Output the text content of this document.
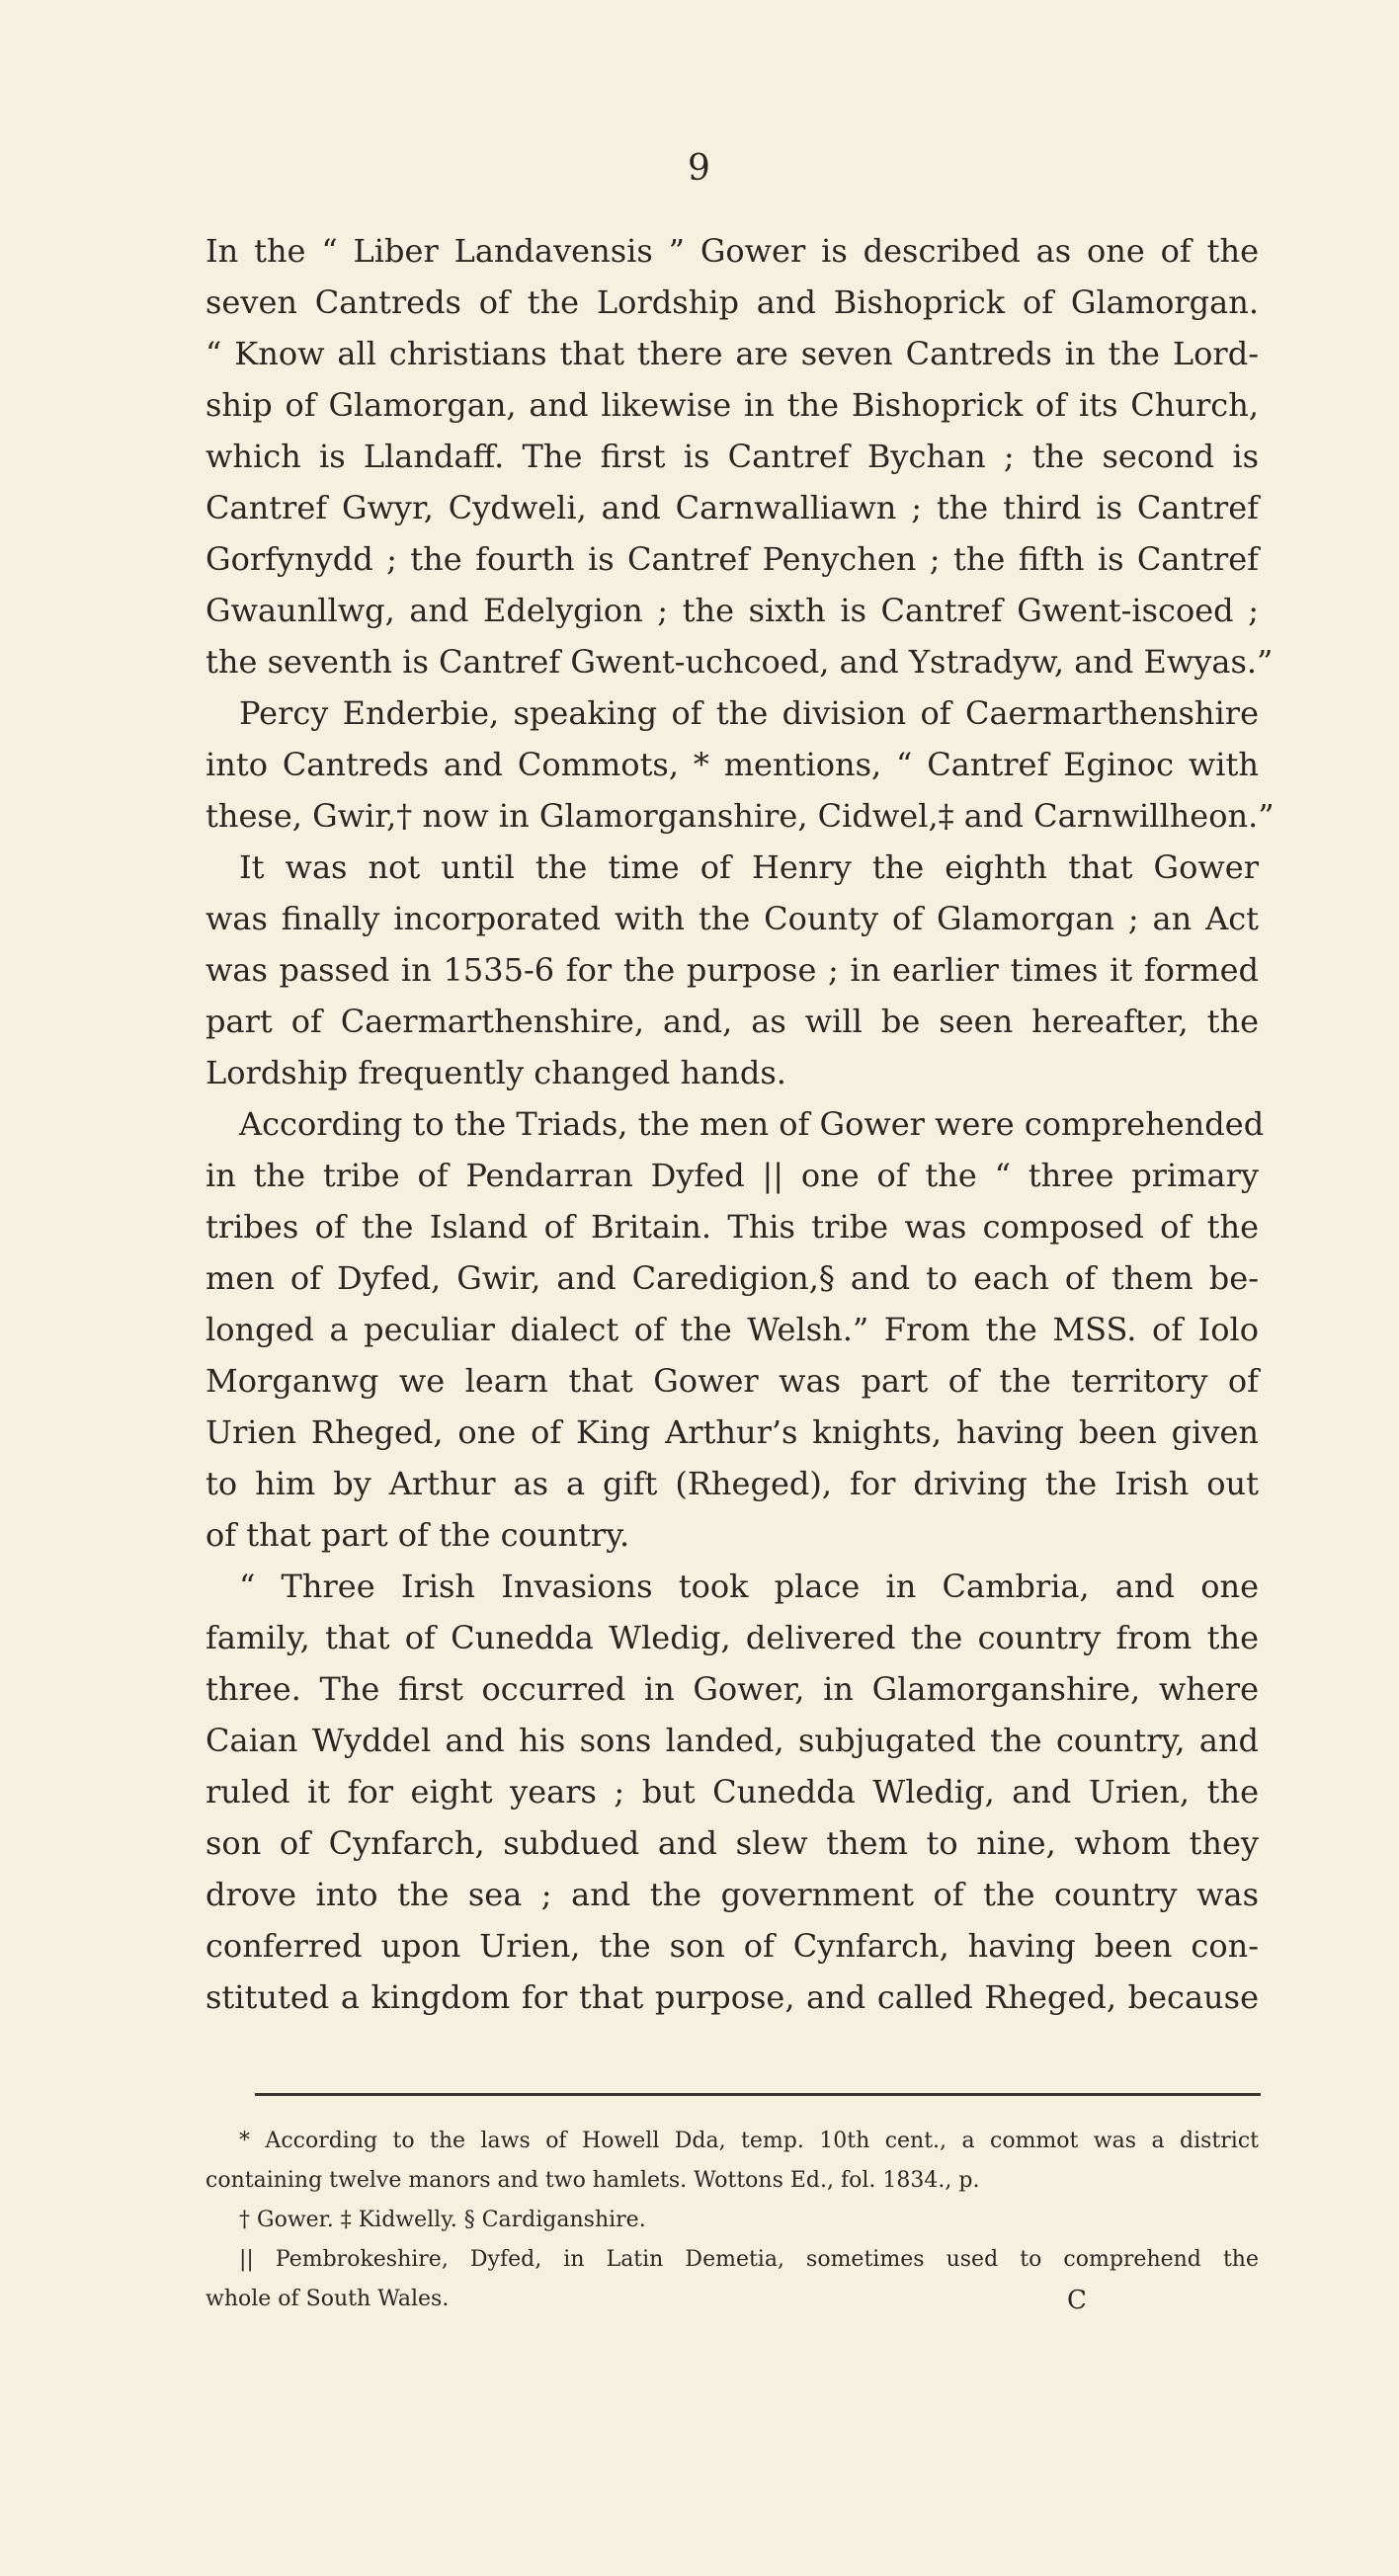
9
In the “ Liber Landavensis ” Gower is described as one of the
seven Cantreds of the Lordship and Bishoprick of Glamorgan.
“ Know all christians that there are seven Cantreds in the Lord-
ship of Glamorgan, and likewise in the Bishoprick of its Church,
which is Llandaff. The first is Cantref Bychan ; the second is
Cantref Gwyr, Cydweli, and Carnwalliawn ; the third is Cantref
Gorfynydd ; the fourth is Cantref Penychen ; the fifth is Cantref
Gwaunllwg, and Edelygion ; the sixth is Cantref Gwent-iscoed ;
the seventh is Cantref Gwent-uchcoed, and Ystradyw, and Ewyas.”
Percy Enderbie, speaking of the division of Caermarthenshire
into Cantreds and Commots, * mentions, “ Cantref Eginoc with
these, Gwir,† now in Glamorganshire, Cidwel,‡ and Carnwillheon.”
It was not until the time of Henry the eighth that Gower
was finally incorporated with the County of Glamorgan ; an Act
was passed in 1535-6 for the purpose ; in earlier times it formed
part of Caermarthenshire, and, as will be seen hereafter, the
Lordship frequently changed hands.
According to the Triads, the men of Gower were comprehended
in the tribe of Pendarran Dyfed || one of the “ three primary
tribes of the Island of Britain. This tribe was composed of the
men of Dyfed, Gwir, and Caredigion,§ and to each of them be-
longed a peculiar dialect of the Welsh.” From the MSS. of Iolo
Morganwg we learn that Gower was part of the territory of
Urien Rheged, one of King Arthur’s knights, having been given
to him by Arthur as a gift (Rheged), for driving the Irish out
of that part of the country.
“ Three Irish Invasions took place in Cambria, and one
family, that of Cunedda Wledig, delivered the country from the
three. The first occurred in Gower, in Glamorganshire, where
Caian Wyddel and his sons landed, subjugated the country, and
ruled it for eight years ; but Cunedda Wledig, and Urien, the
son of Cynfarch, subdued and slew them to nine, whom they
drove into the sea ; and the government of the country was
conferred upon Urien, the son of Cynfarch, having been con-
stituted a kingdom for that purpose, and called Rheged, because
* According to the laws of Howell Dda, temp. 10th cent., a commot was a district
containing twelve manors and two hamlets. Wottons Ed., fol. 1834., p.
† Gower. ‡ Kidwelly. § Cardiganshire.
|| Pembrokeshire, Dyfed, in Latin Demetia, sometimes used to comprehend the
whole of South Wales.	C
